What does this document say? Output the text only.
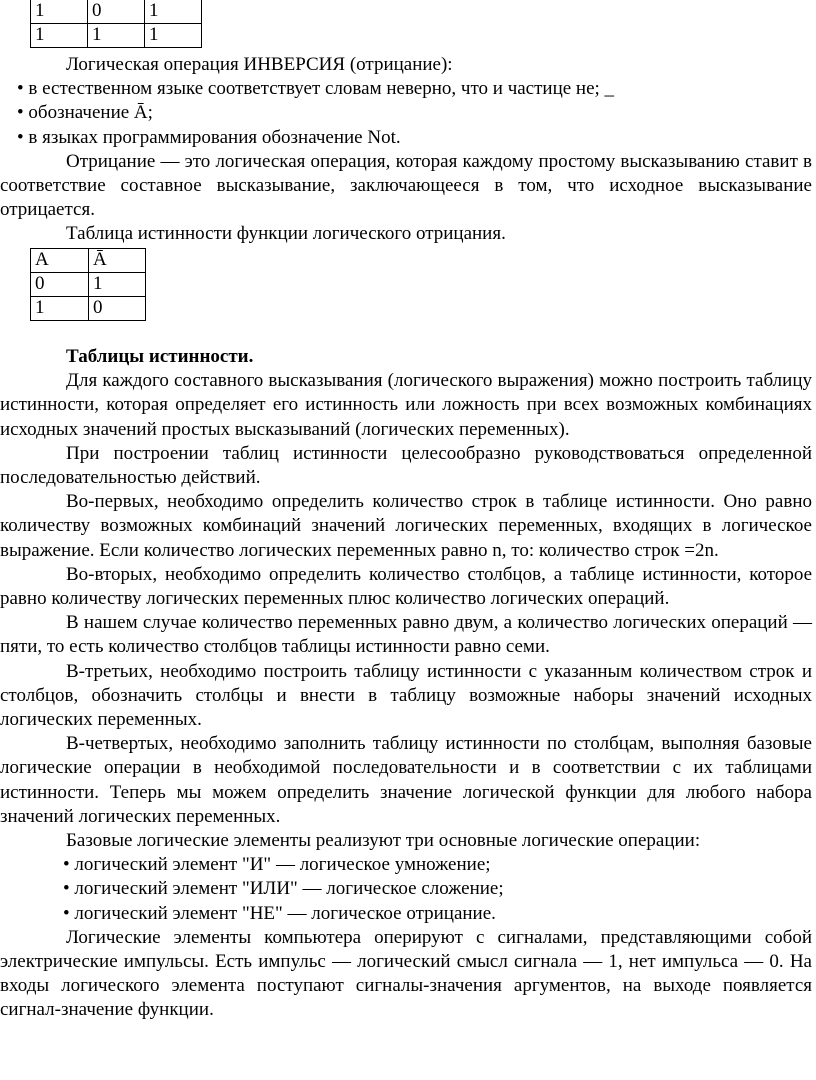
1	0	1
1	1	1

Логическая операция ИНВЕРСИЯ (отрицание):

• в естественном языке соответствует словам неверно, что и частице не; _

• обозначение Ā;

• в языках программирования обозначение Not.

Отрицание — это логическая операция, которая каждому простому высказыванию ставит в соответствие составное высказывание, заключающееся в том, что исходное высказывание отрицается.

Таблица истинности функции логического отрицания.

A	Ā
0	1
1	0

Таблицы истинности.

Для каждого составного высказывания (логического выражения) можно построить таблицу истинности, которая определяет его истинность или ложность при всех возможных комбинациях исходных значений простых высказываний (логических переменных).

При построении таблиц истинности целесообразно руководствоваться определенной последовательностью действий.

Во-первых, необходимо определить количество строк в таблице истинности. Оно равно количеству возможных комбинаций значений логических переменных, входящих в логическое выражение. Если количество логических переменных равно n, то: количество строк =2n.

Во-вторых, необходимо определить количество столбцов, а таблице истинности, которое равно количеству логических переменных плюс количество логических операций.

В нашем случае количество переменных равно двум, а количество логических операций — пяти, то есть количество столбцов таблицы истинности равно семи.

В-третьих, необходимо построить таблицу истинности с указанным количеством строк и столбцов, обозначить столбцы и внести в таблицу возможные наборы значений исходных логических переменных.

В-четвертых, необходимо заполнить таблицу истинности по столбцам, выполняя базовые логические операции в необходимой последовательности и в соответствии с их таблицами истинности. Теперь мы можем определить значение логической функции для любого набора значений логических переменных.

Базовые логические элементы реализуют три основные логические операции:

• логический элемент "И" — логическое умножение;

• логический элемент "ИЛИ" — логическое сложение;

• логический элемент "НЕ" — логическое отрицание.

Логические элементы компьютера оперируют с сигналами, представляющими собой электрические импульсы. Есть импульс — логический смысл сигнала — 1, нет импульса — 0. На входы логического элемента поступают сигналы-значения аргументов, на выходе появляется сигнал-значение функции.
